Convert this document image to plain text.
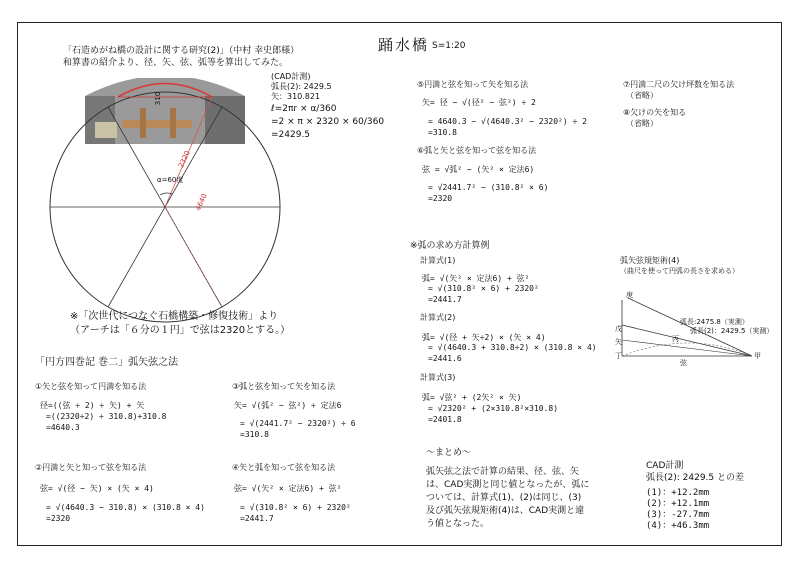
踊水橋 S=1:20
「石造めがね橋の設計に関する研究(2)」（中村 幸史郎様）
和算書の紹介より、径、矢、弦、弧等を算出してみた。
310
α=60度
2320
4640
(CAD計測)
弧長(2): 2429.5
矢：310.821
ℓ=2πr × α/360
=2 × π × 2320 × 60/360
=2429.5
※「次世代につなぐ石橋構築・修復技術」より
（アーチは「６分の１円」で弦は2320とする。）
「円方四巻記 巻二」弧矢弦之法
①矢と弦を知って円満を知る法
径=((弦 ÷ 2) ÷ 矢) + 矢
=((2320÷2) ÷ 310.8)+310.8
=4640.3
②円満と矢と知って弦を知る法
弦= √(径 − 矢) × (矢 × 4)
= √(4640.3 − 310.8) × (310.8 × 4)
=2320
③弧と弦を知って矢を知る法
矢= √(弧² − 弦²) ÷ 定法6
= √(2441.7² − 2320²) ÷ 6
=310.8
④矢と弧を知って弦を知る法
弦= √(矢² × 定法6) + 弦²
= √(310.8² × 6) + 2320²
=2441.7
⑤円満と弦を知って矢を知る法
矢= 径 − √(径² − 弦²) ÷ 2
= 4640.3 − √(4640.3² − 2320²) ÷ 2
=310.8
⑥弧と矢と弦を知って弦を知る法
弦 = √弧² − (矢² × 定法6)
= √2441.7² − (310.8² × 6)
=2320
⑦円満二尺の欠け坪数を知る法
（省略）
⑧欠けの矢を知る
（省略）
※弧の求め方計算例
計算式(1)
弧= √(矢² × 定法6) + 弦²
= √(310.8² × 6) + 2320²
=2441.7
計算式(2)
弧= √(径 + 矢÷2) × (矢 × 4)
= √(4640.3 + 310.8÷2) × (310.8 × 4)
=2441.6
計算式(3)
弧= √弦² + (2矢² × 矢)
= √2320² + (2×310.8²×310.8)
=2401.8
弧矢弦規矩術(4)
（曲尺を使って円弧の長さを求める）
庚
弧長:2475.8（実測）
弧長(2)：2429.5（実測）
戊
矢	丙
丁
弦
甲
～まとめ～
弧矢弦之法で計算の結果、径、弦、矢
は、CAD実測と同じ値となったが、弧に
ついては、計算式(1)、(2)は同じ、(3)
及び弧矢弦規矩術(4)は、CAD実測と違
う値となった。
CAD計測
弧長(2): 2429.5 との差
(1)：+12.2mm
(2)：+12.1mm
(3)：-27.7mm
(4)：+46.3mm
